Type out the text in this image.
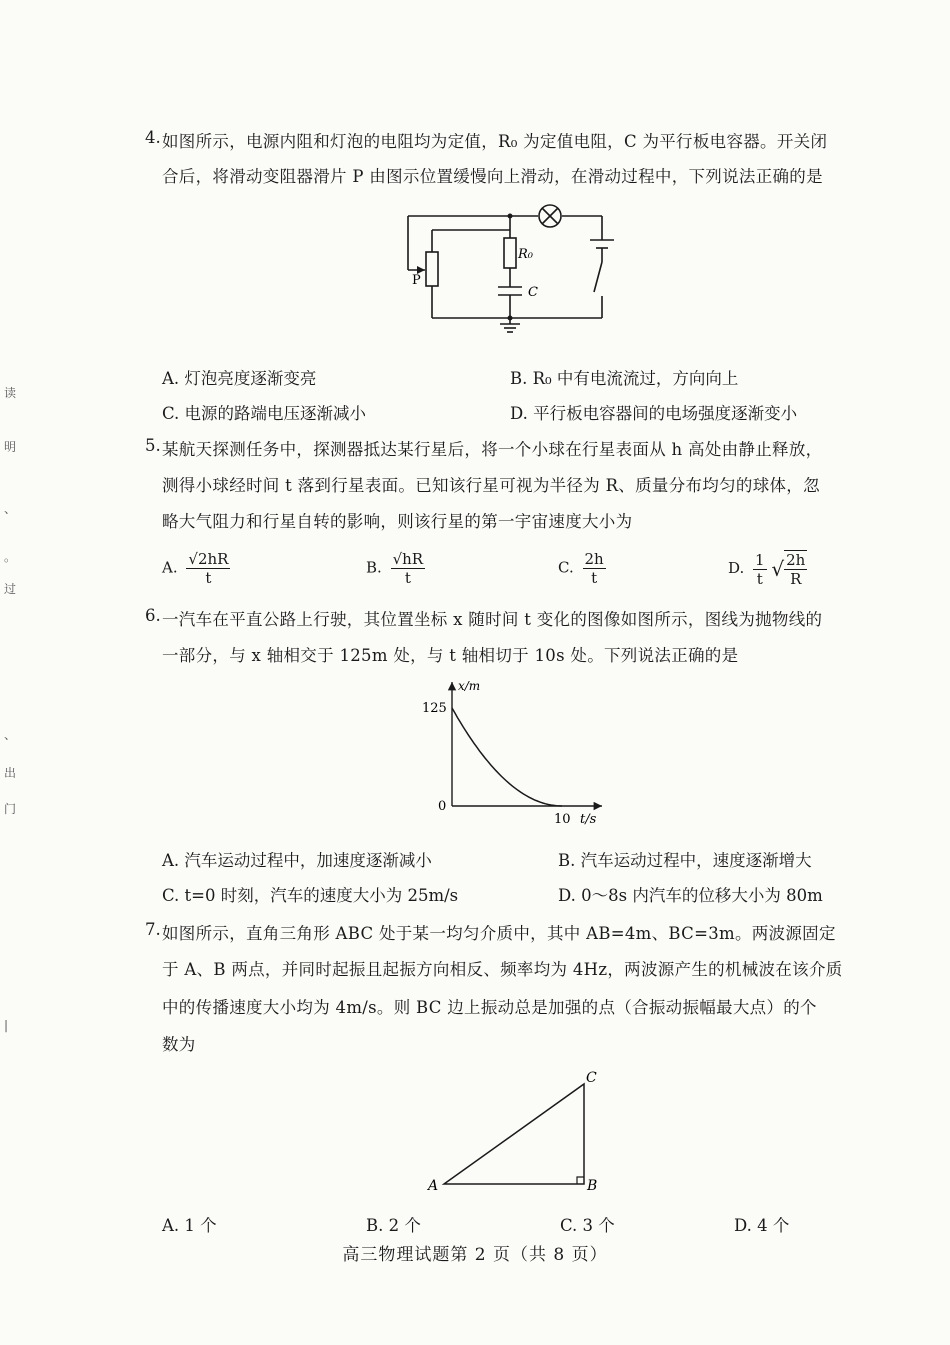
读
明
、
。
过
、
出
门
|
4. 如图所示，电源内阻和灯泡的电阻均为定值，R₀ 为定值电阻，C 为平行板电容器。开关闭
合后，将滑动变阻器滑片 P 由图示位置缓慢向上滑动，在滑动过程中，下列说法正确的是
P
R₀
C
A. 灯泡亮度逐渐变亮	B. R₀ 中有电流流过，方向向上
C. 电源的路端电压逐渐减小	D. 平行板电容器间的电场强度逐渐变小
5. 某航天探测任务中，探测器抵达某行星后，将一个小球在行星表面从 h 高处由静止释放，
测得小球经时间 t 落到行星表面。已知该行星可视为半径为 R、质量分布均匀的球体，忽
略大气阻力和行星自转的影响，则该行星的第一宇宙速度大小为
A. $\frac{√2hR}{t}$	B. $\frac{√hR}{t}$	C. $\frac{2h}{t}$	D. $\frac{1}{t}$ √ $\frac{2h}{R}$
6. 一汽车在平直公路上行驶，其位置坐标 x 随时间 t 变化的图像如图所示，图线为抛物线的
一部分，与 x 轴相交于 125m 处，与 t 轴相切于 10s 处。下列说法正确的是
x/m
t/s
125
0
10
A. 汽车运动过程中，加速度逐渐减小	B. 汽车运动过程中，速度逐渐增大
C. t=0 时刻，汽车的速度大小为 25m/s	D. 0～8s 内汽车的位移大小为 80m
7. 如图所示，直角三角形 ABC 处于某一均匀介质中，其中 AB=4m、BC=3m。两波源固定
于 A、B 两点，并同时起振且起振方向相反、频率均为 4Hz，两波源产生的机械波在该介质
中的传播速度大小均为 4m/s。则 BC 边上振动总是加强的点（合振动振幅最大点）的个
数为
A	B
C
A. 1 个	B. 2 个	C. 3 个	D. 4 个
高三物理试题第 2 页（共 8 页）
